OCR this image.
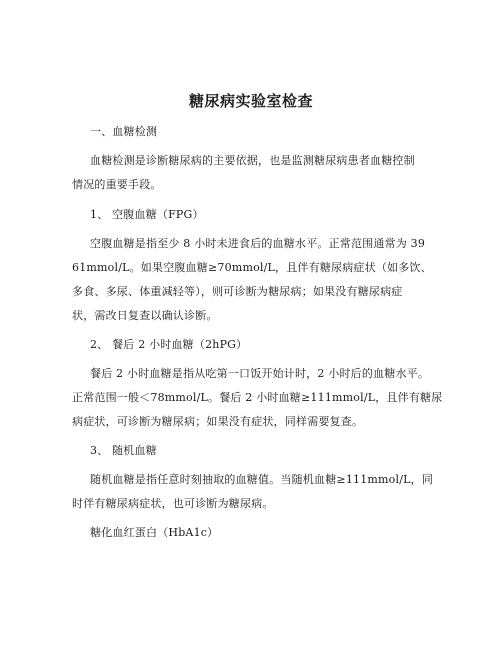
糖尿病实验室检查
一、血糖检测
血糖检测是诊断糖尿病的主要依据，也是监测糖尿病患者血糖控制
情况的重要手段。
1、 空腹血糖（FPG）
空腹血糖是指至少 8 小时未进食后的血糖水平。正常范围通常为 39
61mmol/L。如果空腹血糖≥70mmol/L，且伴有糖尿病症状（如多饮、
多食、多尿、体重减轻等），则可诊断为糖尿病；如果没有糖尿病症
状，需改日复查以确认诊断。
2、 餐后 2 小时血糖（2hPG）
餐后 2 小时血糖是指从吃第一口饭开始计时，2 小时后的血糖水平。
正常范围一般＜78mmol/L。餐后 2 小时血糖≥111mmol/L，且伴有糖尿
病症状，可诊断为糖尿病；如果没有症状，同样需要复查。
3、 随机血糖
随机血糖是指任意时刻抽取的血糖值。当随机血糖≥111mmol/L，同
时伴有糖尿病症状，也可诊断为糖尿病。
糖化血红蛋白（HbA1c）
